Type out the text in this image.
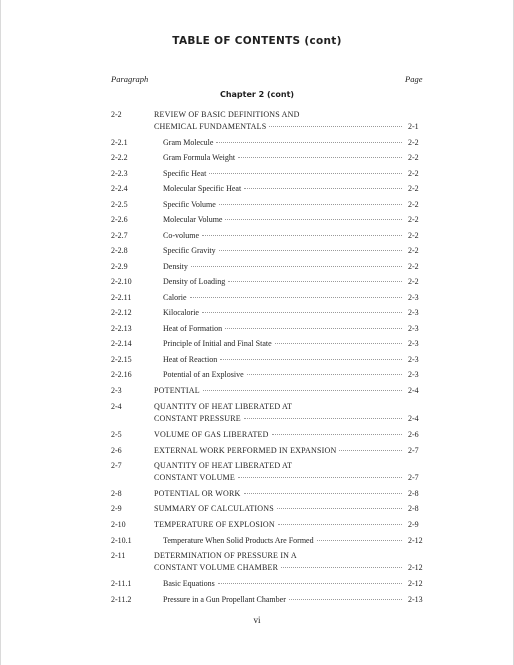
TABLE OF CONTENTS (cont)
Paragraph	Page
Chapter 2 (cont)
2-2	REVIEW OF BASIC DEFINITIONS AND
CHEMICAL FUNDAMENTALS	2-1
2-2.1	Gram Molecule	2-2
2-2.2	Gram Formula Weight	2-2
2-2.3	Specific Heat	2-2
2-2.4	Molecular Specific Heat	2-2
2-2.5	Specific Volume	2-2
2-2.6	Molecular Volume	2-2
2-2.7	Co-volume	2-2
2-2.8	Specific Gravity	2-2
2-2.9	Density	2-2
2-2.10	Density of Loading	2-2
2-2.11	Calorie	2-3
2-2.12	Kilocalorie	2-3
2-2.13	Heat of Formation	2-3
2-2.14	Principle of Initial and Final State	2-3
2-2.15	Heat of Reaction	2-3
2-2.16	Potential of an Explosive	2-3
2-3	POTENTIAL	2-4
2-4	QUANTITY OF HEAT LIBERATED AT
CONSTANT PRESSURE	2-4
2-5	VOLUME OF GAS LIBERATED	2-6
2-6	EXTERNAL WORK PERFORMED IN EXPANSION	2-7
2-7	QUANTITY OF HEAT LIBERATED AT
CONSTANT VOLUME	2-7
2-8	POTENTIAL OR WORK	2-8
2-9	SUMMARY OF CALCULATIONS	2-8
2-10	TEMPERATURE OF EXPLOSION	2-9
2-10.1	Temperature When Solid Products Are Formed	2-12
2-11	DETERMINATION OF PRESSURE IN A
CONSTANT VOLUME CHAMBER	2-12
2-11.1	Basic Equations	2-12
2-11.2	Pressure in a Gun Propellant Chamber	2-13
vi
